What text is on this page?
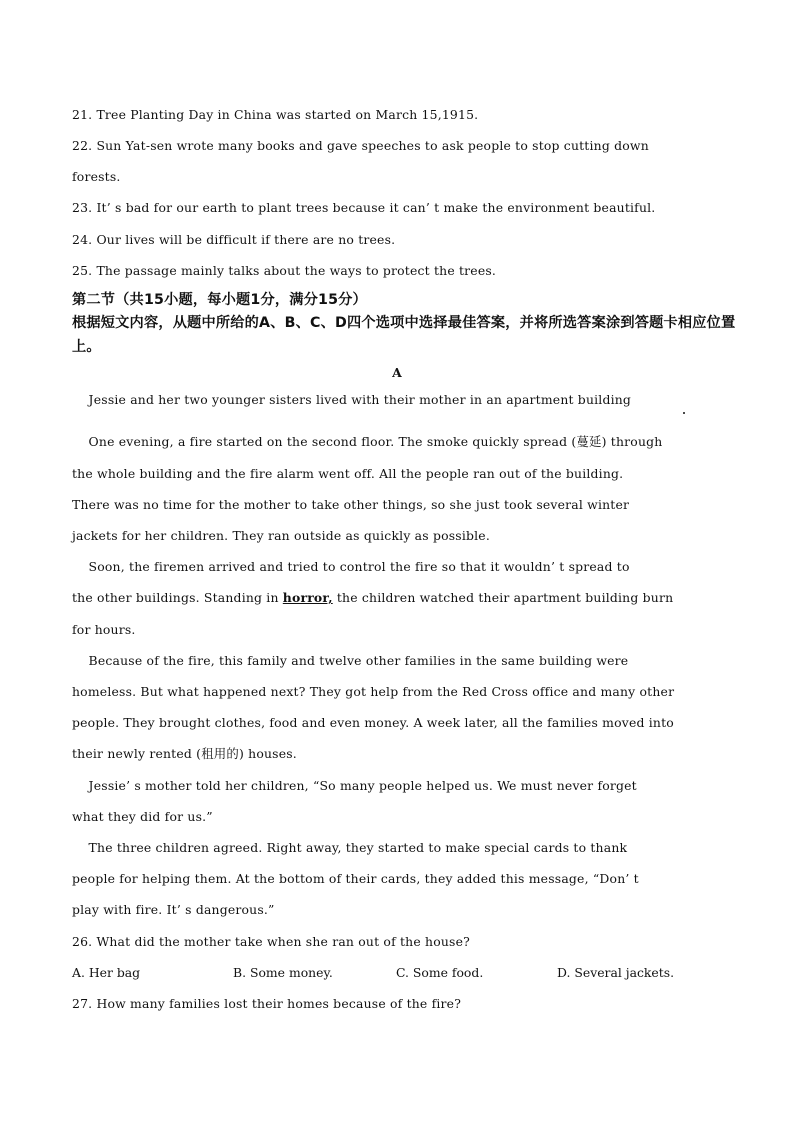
21. Tree Planting Day in China was started on March 15,1915.
22. Sun Yat-sen wrote many books and gave speeches to ask people to stop cutting down
forests.
23. It’ s bad for our earth to plant trees because it can’ t make the environment beautiful.
24. Our lives will be difficult if there are no trees.
25. The passage mainly talks about the ways to protect the trees.
第二节（共15小题，每小题1分，满分15分）
根据短文内容，从题中所给的A、B、C、D四个选项中选择最佳答案，并将所选答案涂到答题卡相应位置
上。
A
Jessie and her two younger sisters lived with their mother in an apartment building
One evening, a fire started on the second floor. The smoke quickly spread (蔓延) through
the whole building and the fire alarm went off. All the people ran out of the building.
There was no time for the mother to take other things, so she just took several winter
jackets for her children. They ran outside as quickly as possible.
Soon, the firemen arrived and tried to control the fire so that it wouldn’ t spread to
the other buildings. Standing in horror, the children watched their apartment building burn
for hours.
Because of the fire, this family and twelve other families in the same building were
homeless. But what happened next? They got help from the Red Cross office and many other
people. They brought clothes, food and even money. A week later, all the families moved into
their newly rented (租用的) houses.
Jessie’ s mother told her children, “So many people helped us. We must never forget
what they did for us.”
The three children agreed. Right away, they started to make special cards to thank
people for helping them. At the bottom of their cards, they added this message, “Don’ t
play with fire. It’ s dangerous.”
26. What did the mother take when she ran out of the house?
A. Her bag	B. Some money.	C. Some food.	D. Several jackets.
27. How many families lost their homes because of the fire?
